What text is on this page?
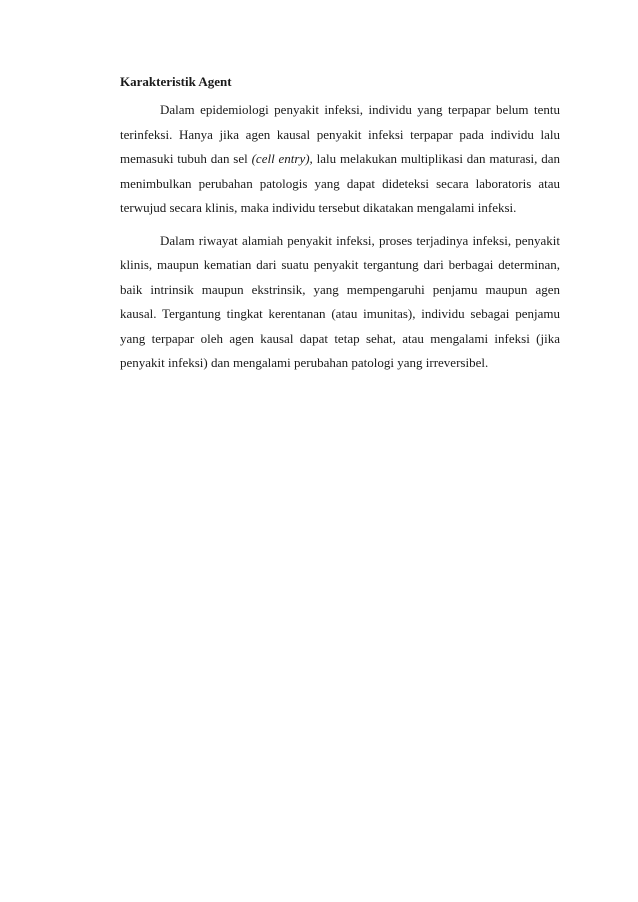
Karakteristik Agent

Dalam epidemiologi penyakit infeksi, individu yang terpapar belum tentu terinfeksi. Hanya jika agen kausal penyakit infeksi terpapar pada individu lalu memasuki tubuh dan sel (cell entry), lalu melakukan multiplikasi dan maturasi, dan menimbulkan perubahan patologis yang dapat dideteksi secara laboratoris atau terwujud secara klinis, maka individu tersebut dikatakan mengalami infeksi.

Dalam riwayat alamiah penyakit infeksi, proses terjadinya infeksi, penyakit klinis, maupun kematian dari suatu penyakit tergantung dari berbagai determinan, baik intrinsik maupun ekstrinsik, yang mempengaruhi penjamu maupun agen kausal. Tergantung tingkat kerentanan (atau imunitas), individu sebagai penjamu yang terpapar oleh agen kausal dapat tetap sehat, atau mengalami infeksi (jika penyakit infeksi) dan mengalami perubahan patologi yang irreversibel.
